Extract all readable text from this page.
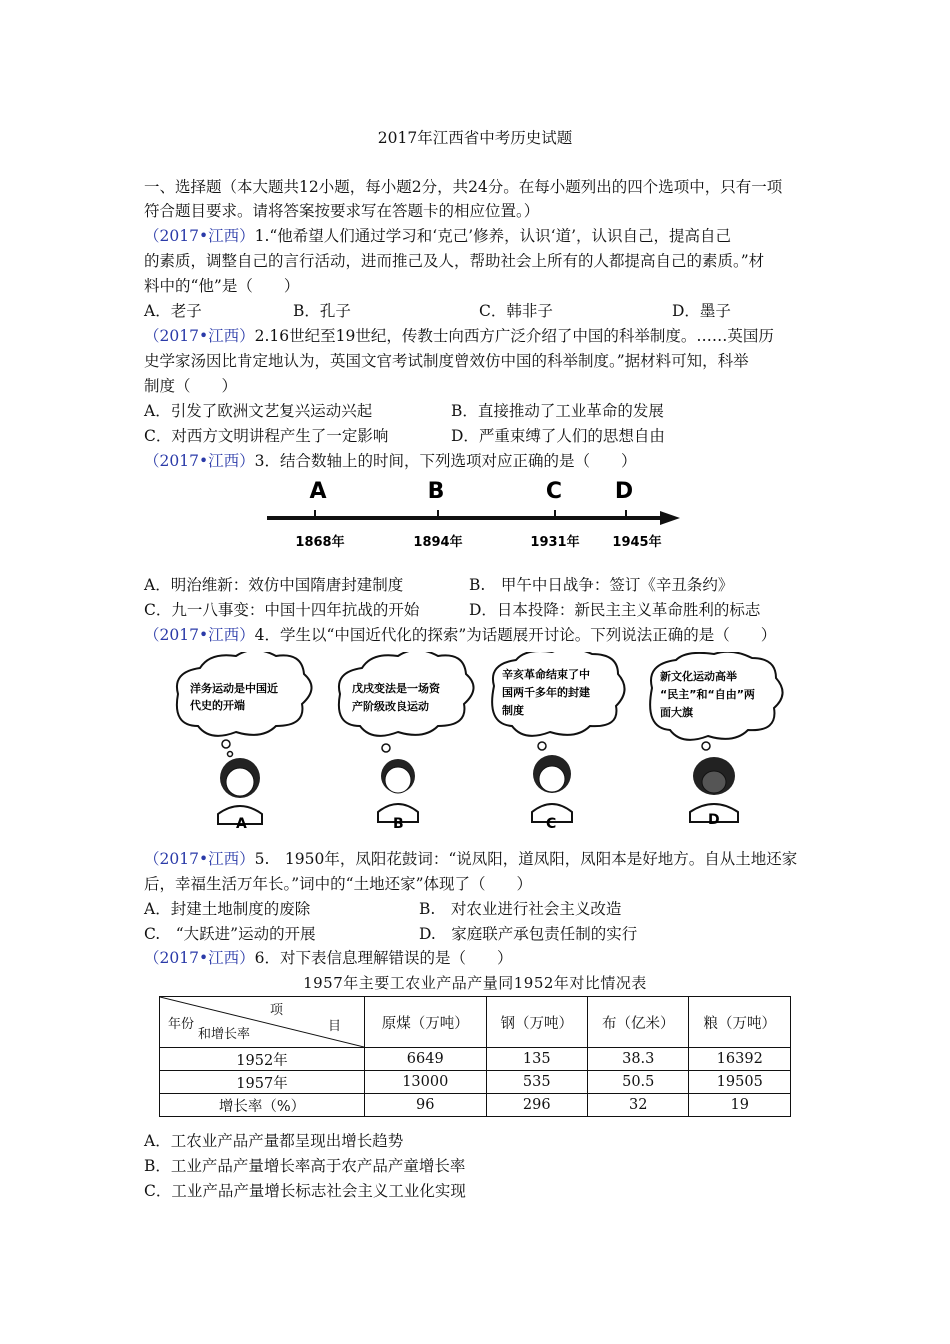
2017年江西省中考历史试题
一、选择题（本大题共12小题，每小题2分，共24分。在每小题列出的四个选项中，只有一项
符合题目要求。请将答案按要求写在答题卡的相应位置。）
（2017•江西）1.“他希望人们通过学习和‘克己’修养，认识‘道’，认识自己，提高自己
的素质，调整自己的言行活动，进而推己及人，帮助社会上所有的人都提高自己的素质。”材
料中的“他”是（　　）
A．老子	B．孔子	C．韩非子	D．墨子
（2017•江西）2.16世纪至19世纪，传教士向西方广泛介绍了中国的科举制度。……英国历
史学家汤因比肯定地认为，英国文官考试制度曾效仿中国的科举制度。”据材料可知，科举
制度（　　）
A．引发了欧洲文艺复兴运动兴起	B．直接推动了工业革命的发展
C．对西方文明讲程产生了一定影响	D．严重束缚了人们的思想自由
（2017•江西）3．结合数轴上的时间，下列选项对应正确的是（　　）
A	B	C D
1868年	1894年	1931年	1945年
A．明治维新：效仿中国隋唐封建制度	B.　甲午中日战争：签订《辛丑条约》
C．九一八事变：中国十四年抗战的开始	D．日本投降：新民主主义革命胜利的标志
（2017•江西）4．学生以“中国近代化的探索”为话题展开讨论。下列说法正确的是（　　）
洋务运动是中国近
代史的开端
A
戊戌变法是一场资
产阶级改良运动
B
辛亥革命结束了中
国两千多年的封建
制度
C
新文化运动高举
“民主”和“自由”两
面大旗
D
（2017•江西）5.　1950年，凤阳花鼓词：“说凤阳，道凤阳，凤阳本是好地方。自从土地还家
后，幸福生活万年长。”词中的“土地还家”体现了（　　）
A．封建土地制度的废除	B.　对农业进行社会主义改造
C.　“大跃进”运动的开展	D.　家庭联产承包责任制的实行
（2017•江西）6．对下表信息理解错误的是（　　）
1957年主要工农业产品产量同1952年对比情况表
项
目
年份
和增长率	原煤（万吨）	钢（万吨）	布（亿米）	粮（万吨）
1952年	6649	135	38.3	16392
1957年	13000	535	50.5	19505
增长率（%）	96	296	32	19
A．工农业产品产量都呈现出增长趋势
B．工业产品产量增长率高于农产品产童增长率
C．工业产品产量增长标志社会主义工业化实现
